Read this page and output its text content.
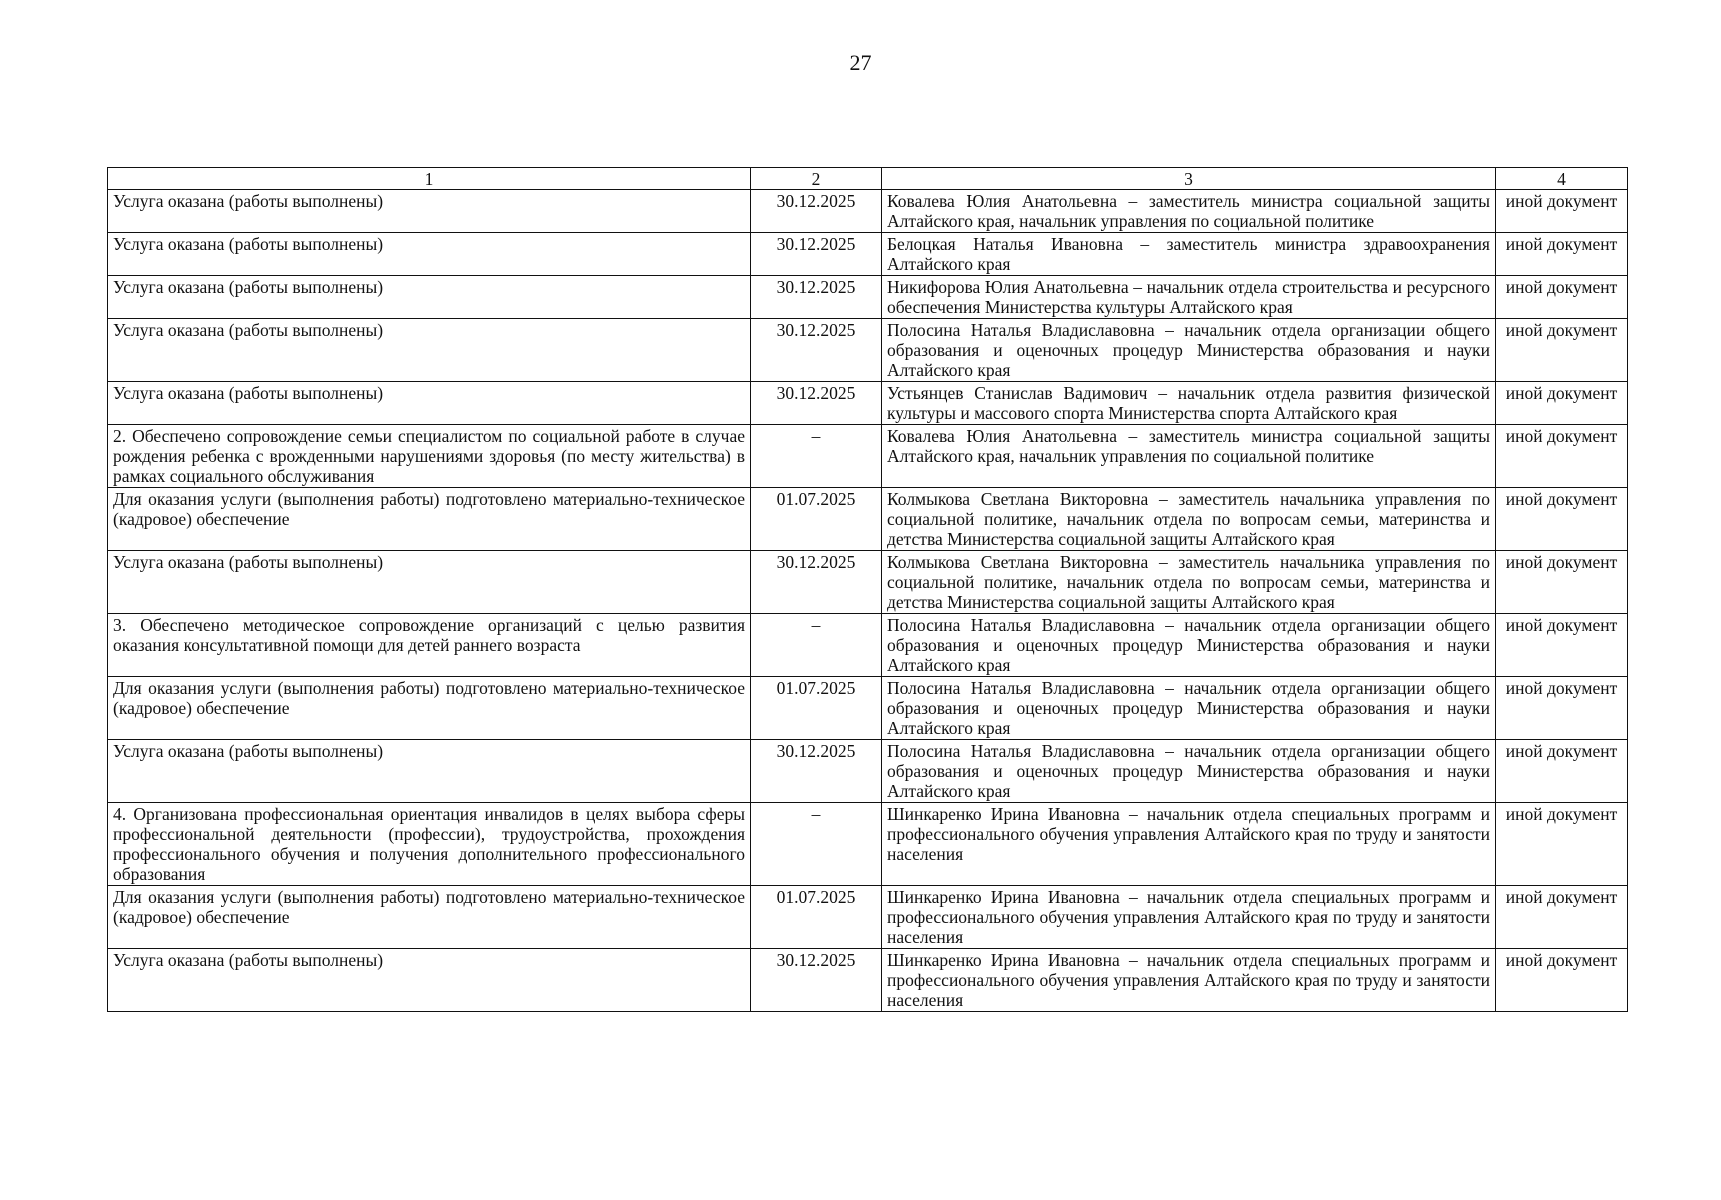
27
1	2	3	4
Услуга оказана (работы выполнены)	30.12.2025	Ковалева Юлия Анатольевна – заместитель министра социальной защиты Алтайского края, начальник управления по социальной политике	иной документ
Услуга оказана (работы выполнены)	30.12.2025	Белоцкая Наталья Ивановна – заместитель министра здравоохранения Алтайского края	иной документ
Услуга оказана (работы выполнены)	30.12.2025	Никифорова Юлия Анатольевна – начальник отдела строительства и ресурсного обеспечения Министерства культуры Алтайского края	иной документ
Услуга оказана (работы выполнены)	30.12.2025	Полосина Наталья Владиславовна – начальник отдела организации общего образования и оценочных процедур Министерства образования и науки Алтайского края	иной документ
Услуга оказана (работы выполнены)	30.12.2025	Устьянцев Станислав Вадимович – начальник отдела развития физической культуры и массового спорта Министерства спорта Алтайского края	иной документ
2. Обеспечено сопровождение семьи специалистом по социальной работе в случае рождения ребенка с врожденными нарушениями здоровья (по месту жительства) в рамках социального обслуживания	–	Ковалева Юлия Анатольевна – заместитель министра социальной защиты Алтайского края, начальник управления по социальной политике	иной документ
Для оказания услуги (выполнения работы) подготовлено материально-техническое (кадровое) обеспечение	01.07.2025	Колмыкова Светлана Викторовна – заместитель начальника управления по социальной политике, начальник отдела по вопросам семьи, материнства и детства Министерства социальной защиты Алтайского края	иной документ
Услуга оказана (работы выполнены)	30.12.2025	Колмыкова Светлана Викторовна – заместитель начальника управления по социальной политике, начальник отдела по вопросам семьи, материнства и детства Министерства социальной защиты Алтайского края	иной документ
3. Обеспечено методическое сопровождение организаций с целью развития оказания консультативной помощи для детей раннего возраста	–	Полосина Наталья Владиславовна – начальник отдела организации общего образования и оценочных процедур Министерства образования и науки Алтайского края	иной документ
Для оказания услуги (выполнения работы) подготовлено материально-техническое (кадровое) обеспечение	01.07.2025	Полосина Наталья Владиславовна – начальник отдела организации общего образования и оценочных процедур Министерства образования и науки Алтайского края	иной документ
Услуга оказана (работы выполнены)	30.12.2025	Полосина Наталья Владиславовна – начальник отдела организации общего образования и оценочных процедур Министерства образования и науки Алтайского края	иной документ
4. Организована профессиональная ориентация инвалидов в целях выбора сферы профессиональной деятельности (профессии), трудоустройства, прохождения профессионального обучения и получения дополнительного профессионального образования	–	Шинкаренко Ирина Ивановна – начальник отдела специальных программ и профессионального обучения управления Алтайского края по труду и занятости населения	иной документ
Для оказания услуги (выполнения работы) подготовлено материально-техническое (кадровое) обеспечение	01.07.2025	Шинкаренко Ирина Ивановна – начальник отдела специальных программ и профессионального обучения управления Алтайского края по труду и занятости населения	иной документ
Услуга оказана (работы выполнены)	30.12.2025	Шинкаренко Ирина Ивановна – начальник отдела специальных программ и профессионального обучения управления Алтайского края по труду и занятости населения	иной документ
